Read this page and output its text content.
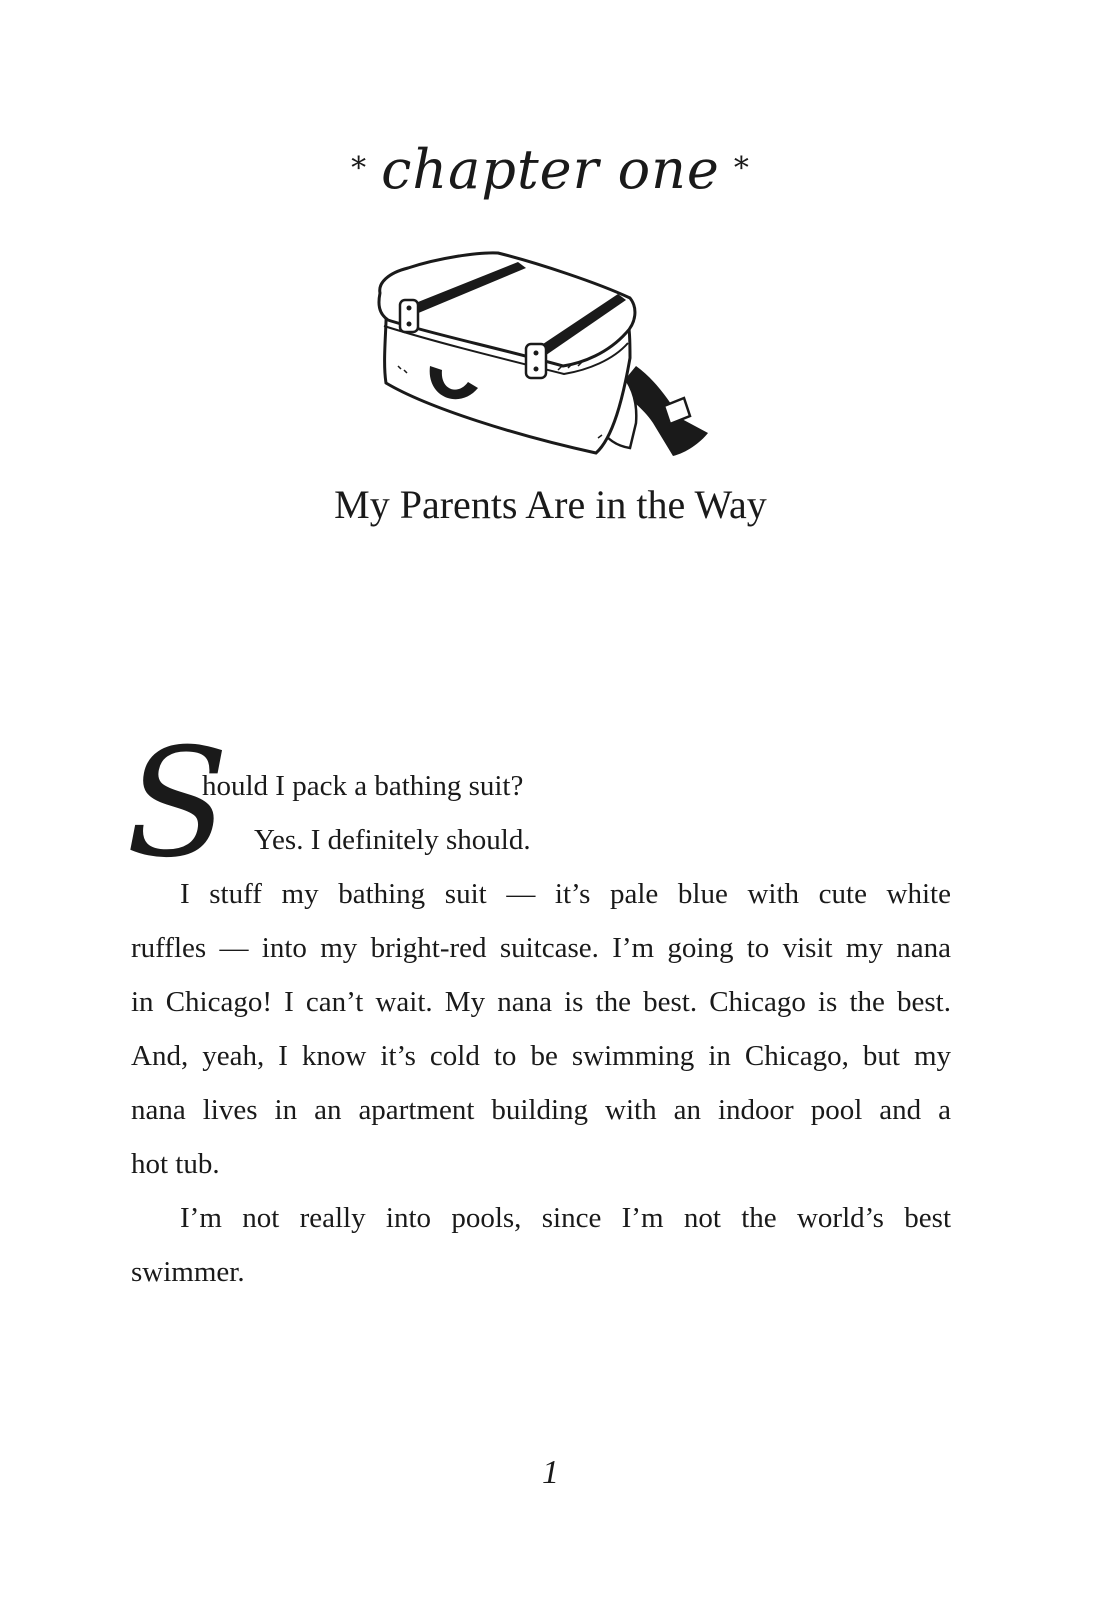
* chapter one *
My Parents Are in the Way
S
hould I pack a bathing suit?
Yes. I definitely should.
I stuff my bathing suit — it’s pale blue with cute white
ruffles — into my bright-red suitcase. I’m going to visit my nana
in Chicago! I can’t wait. My nana is the best. Chicago is the best.
And, yeah, I know it’s cold to be swimming in Chicago, but my
nana lives in an apartment building with an indoor pool and a
hot tub.
I’m not really into pools, since I’m not the world’s best
swimmer.
1
